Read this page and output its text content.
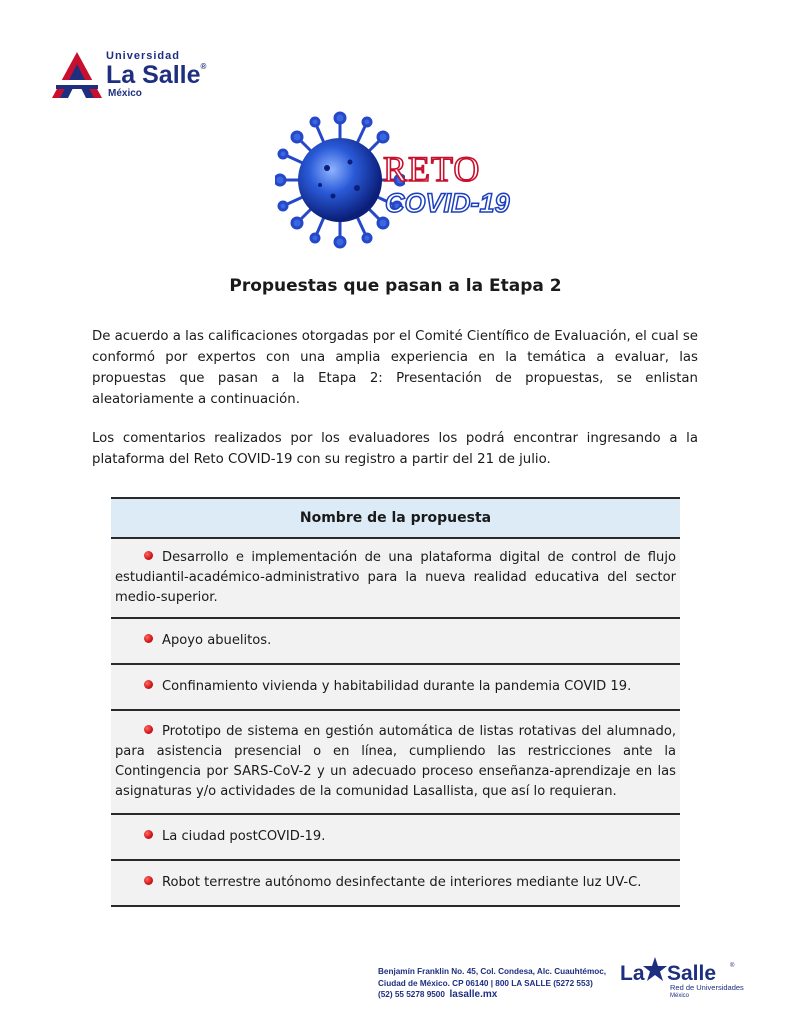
Universidad
La Salle®
México
RETO
COVID-19
Propuestas que pasan a la Etapa 2

De acuerdo a las calificaciones otorgadas por el Comité Científico de Evaluación, el cual se conformó por expertos con una amplia experiencia en la temática a evaluar, las propuestas que pasan a la Etapa 2: Presentación de propuestas, se enlistan aleatoriamente a continuación.

Los comentarios realizados por los evaluadores los podrá encontrar ingresando a la plataforma del Reto COVID-19 con su registro a partir del 21 de julio.

Nombre de la propuesta
Desarrollo e implementación de una plataforma digital de control de flujo estudiantil-académico-administrativo para la nueva realidad educativa del sector medio-superior.
Apoyo abuelitos.
Confinamiento vivienda y habitabilidad durante la pandemia COVID 19.
Prototipo de sistema en gestión automática de listas rotativas del alumnado, para asistencia presencial o en línea, cumpliendo las restricciones ante la Contingencia por SARS-CoV-2 y un adecuado proceso enseñanza-aprendizaje en las asignaturas y/o actividades de la comunidad Lasallista, que así lo requieran.
La ciudad postCOVID-19.
Robot terrestre autónomo desinfectante de interiores mediante luz UV-C.
Benjamín Franklin No. 45, Col. Condesa, Alc. Cuauhtémoc,
Ciudad de México. CP 06140 | 800 LA SALLE (5272 553)
(52) 55 5278 9500 lasalle.mx
La Salle ®
Red de Universidades
México
